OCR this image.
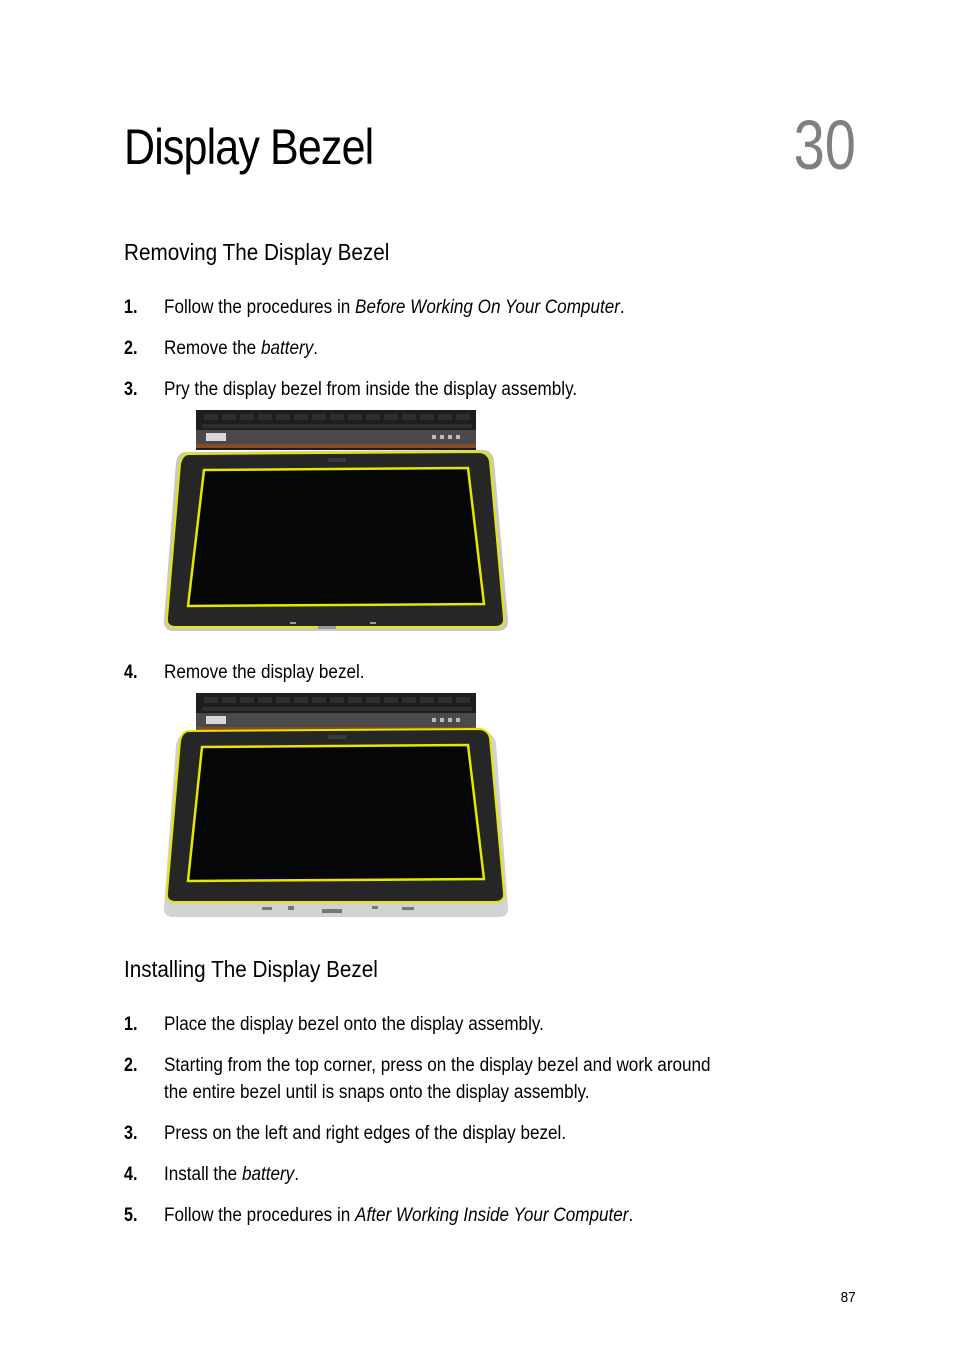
Display Bezel	30
Removing The Display Bezel
1. Follow the procedures in Before Working On Your Computer.
2. Remove the battery.
3. Pry the display bezel from inside the display assembly.
4. Remove the display bezel.
Installing The Display Bezel
1. Place the display bezel onto the display assembly.
2. Starting from the top corner, press on the display bezel and work around
the entire bezel until is snaps onto the display assembly.
3. Press on the left and right edges of the display bezel.
4. Install the battery.
5. Follow the procedures in After Working Inside Your Computer.
87
